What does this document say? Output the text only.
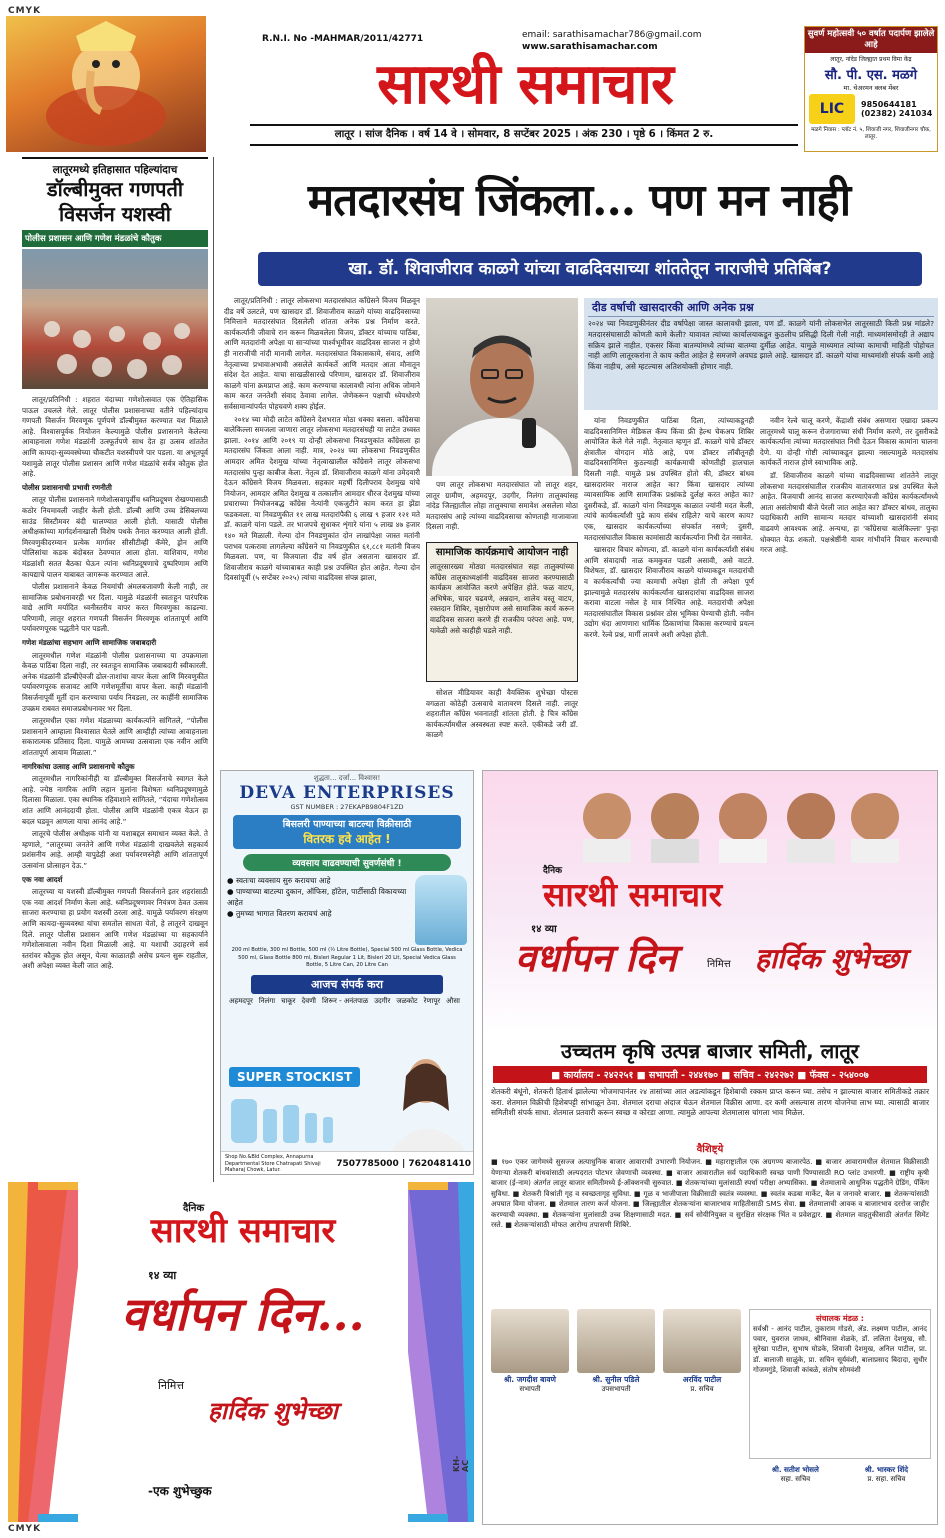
CMYK
CMYK
R.N.I. No -MAHMAR/2011/42771	email: sarathisamachar786@gmail.com
www.sarathisamachar.com
सारथी समाचार
लातूर । सांज दैनिक । वर्ष 14 वे । सोमवार, 8 सप्टेंबर 2025 । अंक 230 । पृष्ठे 6 । किंमत 2 रु.
सुवर्ण महोत्सवी ५० वर्षात पदार्पण झालेले आहे
लातूर, नांदेड जिल्ह्यात प्रथम विमा केंद्र
सौ. पी. एस. मळगे
मा. चेअरमन क्लब मेंबर
LIC	9850644181
(02382) 241034
मळगे निवास : प्लॉट नं. ५, शिवाजी नगर, शिवाजीनगर चौक, लातूर.
लातूरमध्ये इतिहासात पहिल्यांदाच
डॉल्बीमुक्त गणपती विसर्जन यशस्वी
पोलीस प्रशासन आणि गणेश मंडळांचे कौतुक

लातूर/प्रतिनिधी : शहरात यंदाच्या गणेशोत्सवात एक ऐतिहासिक पाऊल उचलले गेले. लातूर पोलीस प्रशासनाच्या वतीने पहिल्यांदाच गणपती विसर्जन मिरवणूक पूर्णपणे डॉल्बीमुक्त करण्यात यश मिळाले आहे. विश्वासपूर्वक नियोजन केल्यामुळे पोलीस प्रशासनाने केलेल्या आवाहनाला गणेश मंडळांनी उत्स्फूर्तपणे साथ देत हा उत्सव शांततेत आणि कायदा-सुव्यवस्थेच्या चौकटीत यशस्वीपणे पार पडला. या अभूतपूर्व यशामुळे लातूर पोलीस प्रशासन आणि गणेश मंडळांचे सर्वत्र कौतुक होत आहे.

पोलीस प्रशासनाची प्रभावी रणनीती

लातूर पोलीस प्रशासनाने गणेशोत्सवापूर्वीच ध्वनिप्रदूषण रोखण्यासाठी कठोर नियमावली जाहीर केली होती. डॉल्बी आणि उच्च डेसिबलच्या साउंड सिस्टीमवर बंदी घालण्यात आली होती. यासाठी पोलीस अधीक्षकांच्या मार्गदर्शनाखाली विशेष पथके तैनात करण्यात आली होती. मिरवणुकीदरम्यान प्रत्येक मार्गावर सीसीटीव्ही कॅमेरे, ड्रोन आणि पोलिसांचा कडक बंदोबस्त ठेवण्यात आला होता. याशिवाय, गणेश मंडळांशी सतत बैठका घेऊन त्यांना ध्वनिप्रदूषणाचे दुष्परिणाम आणि कायद्याचे पालन याबाबत जागरूक करण्यात आले.

पोलीस प्रशासनाने केवळ नियमांची अंमलबजावणी केली नाही, तर सामाजिक प्रबोधनावरही भर दिला. यामुळे मंडळांनी स्वतःहून पारंपरिक वाद्ये आणि मर्यादित ध्वनीस्तरीय वापर करत मिरवणुका काढल्या. परिणामी, लातूर शहरात गणपती विसर्जन मिरवणूक शांततापूर्ण आणि पर्यावरणपूरक पद्धतीने पार पडली.

गणेश मंडळांचा सहभाग आणि सामाजिक जबाबदारी

लातूरमधील गणेश मंडळांनी पोलीस प्रशासनाच्या या उपक्रमाला केवळ पाठिंबा दिला नाही, तर स्वतःहून सामाजिक जबाबदारी स्वीकारली. अनेक मंडळांनी डॉल्बीऐवजी ढोल-ताशांचा वापर केला आणि मिरवणुकीत पर्यावरणपूरक सजावट आणि गणेशमूर्तीचा वापर केला. काही मंडळांनी विसर्जनापूर्वी मूर्ती दान करण्याचा पर्याय निवडला, तर काहींनी सामाजिक उपक्रम राबवत समाजप्रबोधनावर भर दिला.

लातूरमधील एका गणेश मंडळाच्या कार्यकर्त्याने सांगितले, “पोलीस प्रशासनाने आम्हाला विश्वासात घेतले आणि आम्हीही त्यांच्या आवाहनाला सकारात्मक प्रतिसाद दिला. यामुळे आमच्या उत्सवाला एक नवीन आणि शांततापूर्ण आयाम मिळाला.”

नागरिकांचा उत्साह आणि प्रशासनाचे कौतुक

लातूरमधील नागरिकांनीही या डॉल्बीमुक्त विसर्जनाचे स्वागत केले आहे. ज्येष्ठ नागरिक आणि लहान मुलांना विशेषतः ध्वनिप्रदूषणामुळे दिलासा मिळाला. एका स्थानिक रहिवाशाने सांगितले, “यंदाचा गणेशोत्सव शांत आणि आनंददायी होता. पोलीस आणि मंडळांनी एकत्र येऊन हा बदल घडवून आणला याचा आनंद आहे.”

लातूरचे पोलीस अधीक्षक यांनी या यशाबद्दल समाधान व्यक्त केले. ते म्हणाले, “लातूरच्या जनतेने आणि गणेश मंडळांनी दाखवलेले सहकार्य प्रशंसनीय आहे. आम्ही यापुढेही अशा पर्यावरणस्नेही आणि शांततापूर्ण उत्सवांना प्रोत्साहन देऊ.”

एक नवा आदर्श

लातूरच्या या यशस्वी डॉल्बीमुक्त गणपती विसर्जनाने इतर शहरांसाठी एक नवा आदर्श निर्माण केला आहे. ध्वनिप्रदूषणावर नियंत्रण ठेवत उत्सव साजरा करण्याचा हा प्रयोग यशस्वी ठरला आहे. यामुळे पर्यावरण संरक्षण आणि कायदा-सुव्यवस्था यांचा समतोल साधता येतो, हे लातूरने दाखवून दिले. लातूर पोलीस प्रशासन आणि गणेश मंडळांच्या या सहकार्याने गणेशोत्सवाला नवीन दिशा मिळाली आहे. या यशाची उदाहरणे सर्व स्तरांवर कौतुक होत असून, येत्या काळातही असेच प्रयत्न सुरू राहतील, अशी अपेक्षा व्यक्त केली जात आहे.

मतदारसंघ जिंकला... पण मन नाही
खा. डॉ. शिवाजीराव काळगे यांच्या वाढदिवसाच्या शांततेतून नाराजीचे प्रतिबिंब?

लातूर/प्रतिनिधी : लातूर लोकसभा मतदारसंघात काँग्रेसने विजय मिळवून दीड वर्षे उलटले, पण खासदार डॉ. शिवाजीराव काळगे यांच्या वाढदिवसाच्या निमित्ताने मतदारसंघात दिसलेली शांतता अनेक प्रश्न निर्माण करते. कार्यकर्त्यांनी जीवाचे रान करून मिळवलेला विजय, डॉक्टर यांच्याच पाठिंबा, आणि मतदारांनी अपेक्षा या सार्‍यांच्या पार्श्वभूमीवर वाढदिवस साजरा न होणे ही नाराजीची नांदी मानावी लागेल. मतदारसंघात विकासकामे, संवाद, आणि नेतृत्वाच्या प्रभावाअभावी असलेले कार्यकर्ते आणि मतदार आता मौनातून संदेश देत आहेत. याचा साखळीसारखे परिणाम, खासदार डॉ. शिवाजीराव काळगे यांना क्रमप्राप्त आहे. काम करण्याचा कालावधी त्यांना अधिक जोमाने काम करत जनतेशी संवाद ठेवावा लागेल. जेणेकरून पक्षाची ध्येयधोरणे सर्वसामान्यांपर्यंत पोहचवणे शक्य होईल.

२०१४ च्या मोदी लाटेत काँग्रेसने देशभरात मोठा धक्का बसला. काँग्रेसचा बालेकिल्ला समजला जाणारा लातूर लोकसभा मतदारसंघही या लाटेत उध्वस्त झाला. २०१४ आणि २०१९ या दोन्ही लोकसभा निवडणुकांत काँग्रेसला हा मतदारसंघ जिंकता आला नाही. मात्र, २०२४ च्या लोकसभा निवडणुकीत आमदार अमित देशमुख यांच्या नेतृत्वाखालील काँग्रेसने लातूर लोकसभा मतदारसंघ पुन्हा काबीज केला. नेतृत्व डॉ. शिवाजीराव काळगे यांना उमेदवारी देऊन काँग्रेसने विजय मिळवला. सहकार महर्षी दिलीपराव देशमुख यांचे नियोजन, आमदार अमित देशमुख व तत्कालीन आमदार धीरज देशमुख यांच्या प्रचाराच्या नियोजनबद्ध काँग्रेस नेत्यांनी एकजुटीने काम करत हा झेंडा फडकवला. या निवडणुकीत ११ लाख मतदारांपैकी ६ लाख ९ हजार १२१ मते डॉ. काळगे यांना पडले. तर भाजपचे सुधाकर शृंगारे यांना ५ लाख ४७ हजार १४० मते मिळाली. गेल्या दोन निवडणुकांत दोन लाखांपेक्षा जास्त मतांनी पराभव पत्करावा लागलेल्या काँग्रेसने या निवडणुकीत ६१,८८१ मतांनी विजय मिळवला. पण, या विजयाला दीड वर्ष होत असताना खासदार डॉ. शिवाजीराव काळगे यांच्याबाबत काही प्रश्न उपस्थित होत आहेत. गेल्या दोन दिवसांपूर्वी (५ सप्टेंबर २०२५) त्यांचा वाढदिवस संपन्न झाला,

पण लातूर लोकसभा मतदारसंघात जो लातूर शहर, लातूर ग्रामीण, अहमदपूर, उदगीर, निलंगा तालुक्यांसह नांदेड जिल्ह्यातील लोहा तालुक्याचा समावेश असलेला मोठा मतदारसंघ आहे त्यांच्या वाढदिवसाचा कोणताही गाजावाजा दिसला नाही.

सामाजिक कार्यक्रमाचे आयोजन नाही
लातूरसारख्या मोठ्या मतदारसंघात सहा तालुक्यांच्या काँग्रेस तालुकाध्यक्षांनी वाढदिवस साजरा करण्यासाठी कार्यक्रम आयोजित करणे अपेक्षित होते. फळ वाटप, अभिषेक, चादर चढवणे, अन्नदान, शालेय वस्तू वाटप, रक्तदान शिबिर, वृक्षारोपण असे सामाजिक कार्य करून वाढदिवस साजरा करणे ही राजकीय परंपरा आहे. पण, यावेळी असे काहीही घडले नाही.

सोशल मीडियावर काही वैयक्तिक शुभेच्छा पोस्टस वगळता कोठेही उत्सवाचे वातावरण दिसले नाही. लातूर शहरातील कॉंग्रेस भवनातही शांतता होती. हे चित्र काँग्रेस कार्यकर्त्यांमधील अस्वस्थता स्पष्ट करते. एकीकडे जरी डॉ. काळगे

दीड वर्षाची खासदारकी आणि अनेक प्रश्न
२०२४ च्या निवडणुकीनंतर दीड वर्षापेक्षा जास्त कालावधी झाला, पण डॉ. काळगे यांनी लोकसभेत लातूरसाठी किती प्रश्न मांडले? मतदारसंघासाठी कोणती कामे केली? यावावत त्यांच्या कार्यालयाकडून कुठलीच प्रसिद्धी दिली गेली नाही. माध्यमांसमोरही ते अद्याप सक्रिय झाले नाहीत. एकसर किंवा बातम्यांमध्ये त्यांच्या बातम्या दुर्मीळ आहेत. यामुळे माध्यमात त्यांच्या कामाची माहिती पोहोचत नाही आणि लातूरकरांना ते काय करीत आहेत हे समजणे अवघड झाले आहे. खासदार डॉ. काळगे यांचा माध्यमांशी संपर्क कमी आहे किंवा नाहीच, असे म्हटल्यास अतिशयोक्ती होणार नाही.

यांना निवडणुकीत पाठिंबा दिला, त्यांच्याकडूनही वाढदिवसानिमित्त मेडिकल कॅम्प किंवा फ्री हेल्थ चेकअप शिबिर आयोजित केले गेले नाही. नेतृत्वात म्हणून डॉ. काळगे यांचे डॉक्टर क्षेत्रातील योगदान मोठे आहे, पण डॉक्टर लॉबीतूनही वाढदिवसानिमित्त कुठल्याही कार्यक्रमाची कोणतीही हालचाल दिसली नाही. यामुळे प्रश्न उपस्थित होतो की, डॉक्टर बांधव खासदारांवर नाराज आहेत का? किंवा खासदार त्यांच्या व्यावसायिक आणि सामाजिक प्रश्नांकडे दुर्लक्ष करत आहेत का? दुसरीकडे, डॉ. काळगे यांना निवडणूक काळात ज्यांनी मदत केली, त्यांचे कार्यकर्त्यांशी पुढे काय संबंध राहिले? याचे कारण काय? एक, खासदार कार्यकर्त्यांच्या संपर्कात नसणे; दुसरी, मतदारसंघातील विकास कामांसाठी कार्यकर्त्यांना निधी देत नसावेत.

खासदार विचार कोणत्या, डॉ. काळगे यांना कार्यकर्त्यांशी संबंध आणि संवादाची नाळ कमकुवत पडली असावी, असे वाटते. विशेषतः, डॉ. खासदार शिवाजीराव काळगे यांच्याकडून मतदारांची व कार्यकर्त्यांची ज्या कामाची अपेक्षा होती ती अपेक्षा पूर्ण झाल्यामुळे मतदारसंघ कार्यकर्त्यांना खासदारांचा वाढदिवस साजरा करावा वाटला नसेल हे मात्र निश्चित आहे. मतदारांची अपेक्षा मतदारसंघातील विकास प्रश्नांवर ठोस भूमिका घेण्याची होती. नवीन उद्योग धंदा आणणारा धार्मिक ठिकाणांचा विकास करण्याचे प्रयत्न करणे. रेल्वे प्रश्न, मार्गी लावणे अशी अपेक्षा होती.

नवीन रेल्वे चालू करणे, केंद्राशी संबंध असणारा एखादा प्रकल्प लातूरमध्ये चालू करून रोजगाराच्या संधी निर्माण करणे, तर दुसरीकडे कार्यकर्त्यांना त्यांच्या मतदारसंघात निधी देऊन विकास कामांना चालना देणे. या दोन्ही गोष्टी त्यांच्याकडून झाल्या नसल्यामुळे मतदारसंघ कार्यकर्ते नाराज होणे स्वाभाविक आहे.

डॉ. शिवाजीराव काळगे यांच्या वाढदिवसाच्या शांततेने लातूर लोकसभा मतदारसंघातील राजकीय वातावरणात प्रश्न उपस्थित केले आहेत. विजयाची आनंद साजरा करण्याऐवजी काँग्रेस कार्यकर्त्यांमध्ये आता असंतोषाची बीजे पेरली जात आहेत का? डॉक्टर बांधव, तालुका पदाधिकारी आणि सामान्य मतदार यांच्याशी खासदारांनी संवाद वाढवणे आवश्यक आहे. अन्यथा, हा 'काँग्रेसचा बालेकिल्ला' पुन्हा धोक्यात येऊ शकतो. पक्षश्रेष्ठींनी यावर गांभीर्याने विचार करण्याची गरज आहे.

शुद्धता... दर्जा... विश्वास!
DEVA ENTERPRISES
GST NUMBER : 27EKAPB9804F1ZD
बिसलरी पाण्याच्या बाटल्या विक्रीसाठी
वितरक हवे आहेत !
व्यवसाय वाढवण्याची सुवर्णसंधी !
● स्वतःचा व्यवसाय सुरु करायचा आहे
● पाण्याच्या बाटल्या दुकान, ऑफिस, हॉटेल, पार्टीसाठी विकायच्या आहेत
● तुमच्या भागात वितरण करायचं आहे
200 ml Bottle, 300 ml Bottle, 500 ml (½ Litre Bottle), Special 500 ml Glass Bottle, Vedica 500 ml, Glass Bottle 800 ml, Bisleri Regular 1 Lit, Bisleri 20 Lit, Special Vedica Glass Bottle, 5 Litre Can, 20 Litre Can
आजच संपर्क करा
अहमदपूर निलंगा चाकूर देवणी शिरूर - अनंतपाळ उदगीर जळकोट रेणापूर औसा
SUPER STOCKIST
Shop No.&Bld Complex, Annapurna Departmental Store Chatrapati Shivaji Maharaj Chowk, Latur.
7507785000 | 7620481410
दैनिक
सारथी समाचार
१४ व्या
वर्धापन दिन	निमित्त हार्दिक शुभेच्छा
उच्चतम कृषि उत्पन्न बाजार समिती, लातूर
■ कार्यालय - २४२२५१ ■ सभापती - २४४१७० ■ सचिव - २४२२७२ ■ फॅक्स - २५४००७
शेतकरी बंधूंनो, शेतकरी हितार्थ झालेल्या भोजमापानंतर २४ तासांच्या आत अडत्यांकडून हिशेबाची रक्कम प्राप्त करून घ्या. तसेच न झाल्यास बाजार समितीकडे तक्रार करा. शेतमाल विक्रीची हिशेबपट्टी सांभाळून ठेवा. शेतमाल दराचा अंदाज घेऊन शेतमाल विक्रीस आणा. दर कमी असल्यास तारण योजनेचा लाभ घ्या. त्यासाठी बाजार समितीशी संपर्क साधा. शेतमाल प्रतवारी करून स्वच्छ व कोरडा आणा. त्यामुळे आपल्या शेतमालास चांगला भाव मिळेल.
वैशिष्ट्ये
■ १७० एकर जागेमध्ये सुसज्ज अत्याधुनिक बाजार आवाराची उभारणी नियोजन. ■ महाराष्ट्रातील एक अग्रगण्य बाजारपेठ. ■ बाजार आवारामधील शेतमाल विक्रीसाठी येणाऱ्या शेतकरी बांधवांसाठी अल्पदरात पोटभर जेवणाची व्यवस्था. ■ बाजार आवारातील सर्व पदाधिकारी स्वच्छ पाणी पिण्यासाठी RO प्लांट उभारणी. ■ राष्ट्रीय कृषी बाजार (ई-नाम) अंतर्गत लातूर बाजार समितीमध्ये ई-ऑक्शनची सुरुवात. ■ शेतकऱ्यांच्या मुलांसाठी स्पर्धा परीक्षा अभ्यासिका. ■ शेतमालाचे आधुनिक पद्धतीने ग्रेडिंग, पॅकिंग सुविधा. ■ शेतकरी विश्रांती गृह व स्वच्छतागृह सुविधा. ■ गूळ व भाजीपाला विक्रीसाठी स्वतंत्र व्यवस्था. ■ स्वतंत्र कडबा मार्केट, बैल व जनावरे बाजार. ■ शेतकऱ्यांसाठी अपघात विमा योजना. ■ शेतमाल तारण कर्ज योजना. ■ जिल्ह्यातील शेतकऱ्यांना बाजारभाव माहितीसाठी SMS सेवा. ■ शेतमालाची आवक व बाजारभाव दररोज जाहीर करण्याची व्यवस्था. ■ शेतकऱ्यांना मुलांसाठी उच्च शिक्षणासाठी मदत. ■ सर्व सोयीनियुक्त व सुरक्षित संरक्षक भिंत व प्रवेशद्वार. ■ शेतमाल वाहतुकीसाठी अंतर्गत सिमेंट रस्ते. ■ शेतकऱ्यांसाठी मोफत आरोग्य तपासणी शिबिरे.
श्री. जगदीश बावणे
सभापती
श्री. सुनील पडिले
उपसभापती
अरविंद पाटील
प्र. सचिव
संचालक मंडळ :
सर्वश्री - आनंद पाटील, तुकाराम गोडसे, ॲड. लक्ष्मण पाटील, आनंद पवार, युवराज जाधव, श्रीनिवास शेळके, डॉ. ललिता देशमुख, सौ. सुरेखा पाटील, सुभाष घोडके, शिवाजी देशमुख, अनिल पाटील, प्रा. डॉ. बालाजी साळुंके, प्रा. सचिन सूर्यवंशी, बालाप्रसाद बिदादा, सुधीर गोजमगुंडे, शिवाजी कांबळे, संतोष सोमवंशी
श्री. सतीश भोसले
सहा. सचिव
श्री. भास्कर शिंदे
प्र. सहा. सचिव
दैनिक
सारथी समाचार
१४ व्या
वर्धापन दिन...
निमित्त
हार्दिक शुभेच्छा
-एक शुभेच्छुक
KH-AC
